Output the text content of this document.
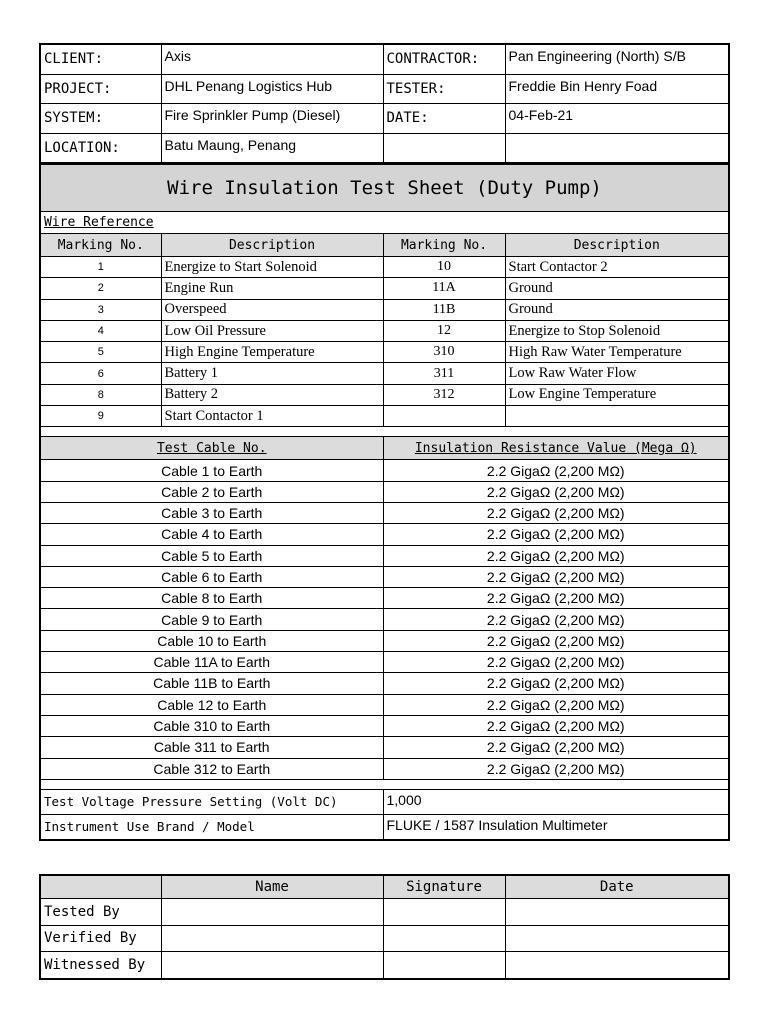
CLIENT:	Axis	CONTRACTOR:	Pan Engineering (North) S/B
PROJECT:	DHL Penang Logistics Hub	TESTER:	Freddie Bin Henry Foad
SYSTEM:	Fire Sprinkler Pump (Diesel)	DATE:	04-Feb-21
LOCATION:	Batu Maung, Penang		
Wire Insulation Test Sheet (Duty Pump)			
Wire Reference			
Marking No.	Description	Marking No.	Description
1	Energize to Start Solenoid	10	Start Contactor 2
2	Engine Run	11A	Ground
3	Overspeed	11B	Ground
4	Low Oil Pressure	12	Energize to Stop Solenoid
5	High Engine Temperature	310	High Raw Water Temperature
6	Battery 1	311	Low Raw Water Flow
8	Battery 2	312	Low Engine Temperature
9	Start Contactor 1		

Test Cable No.		Insulation Resistance Value (Mega Ω)	
Cable 1 to Earth		2.2 GigaΩ (2,200 MΩ)	
Cable 2 to Earth		2.2 GigaΩ (2,200 MΩ)	
Cable 3 to Earth		2.2 GigaΩ (2,200 MΩ)	
Cable 4 to Earth		2.2 GigaΩ (2,200 MΩ)	
Cable 5 to Earth		2.2 GigaΩ (2,200 MΩ)	
Cable 6 to Earth		2.2 GigaΩ (2,200 MΩ)	
Cable 8 to Earth		2.2 GigaΩ (2,200 MΩ)	
Cable 9 to Earth		2.2 GigaΩ (2,200 MΩ)	
Cable 10 to Earth		2.2 GigaΩ (2,200 MΩ)	
Cable 11A to Earth		2.2 GigaΩ (2,200 MΩ)	
Cable 11B to Earth		2.2 GigaΩ (2,200 MΩ)	
Cable 12 to Earth		2.2 GigaΩ (2,200 MΩ)	
Cable 310 to Earth		2.2 GigaΩ (2,200 MΩ)	
Cable 311 to Earth		2.2 GigaΩ (2,200 MΩ)	
Cable 312 to Earth		2.2 GigaΩ (2,200 MΩ)	

Test Voltage Pressure Setting (Volt DC)		1,000	
Instrument Use Brand / Model		FLUKE / 1587 Insulation Multimeter	
	Name	Signature	Date
Tested By			
Verified By			
Witnessed By			
